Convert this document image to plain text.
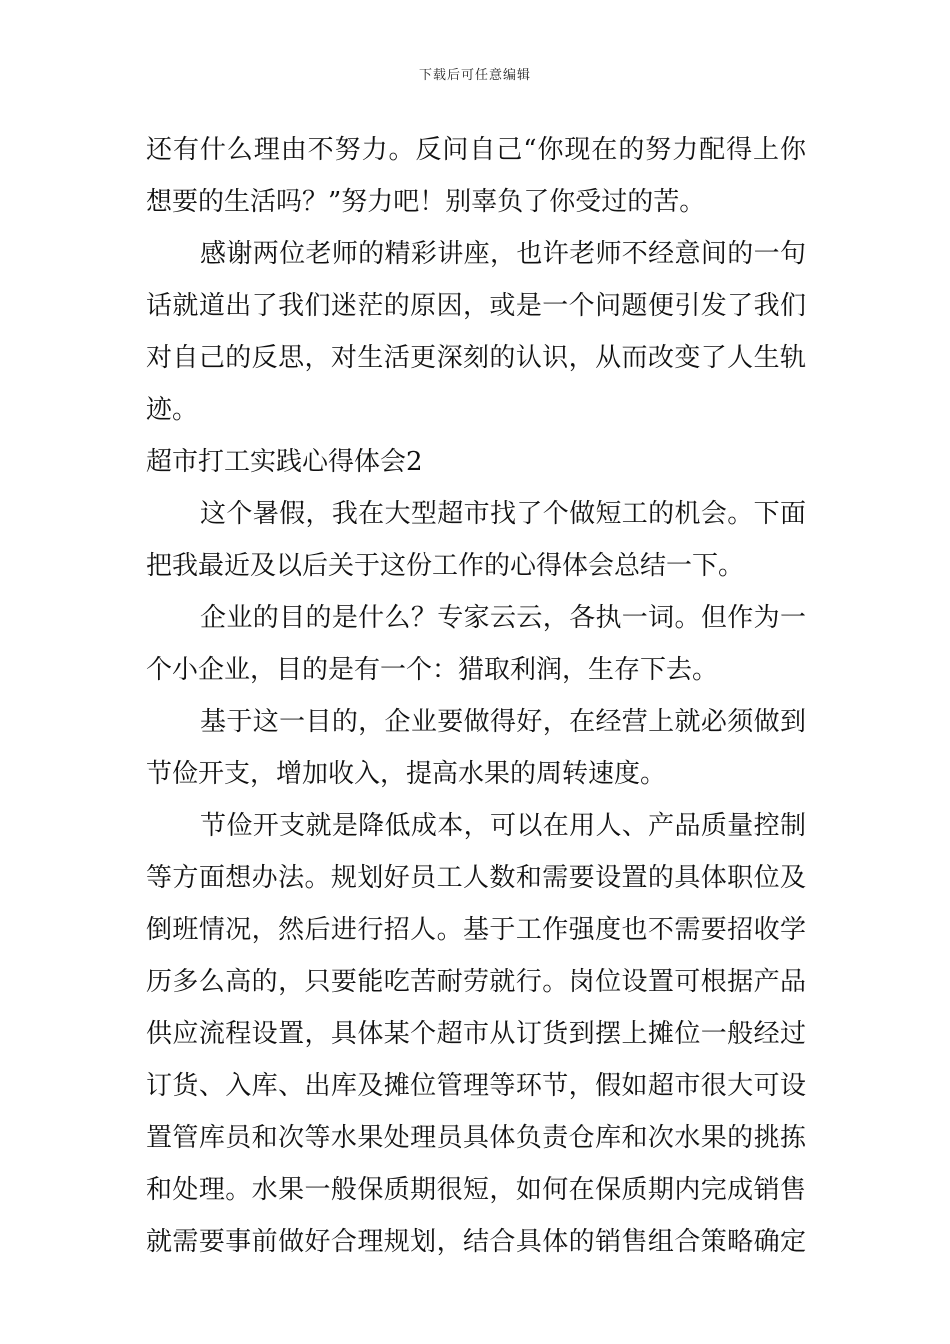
下载后可任意编辑
还有什么理由不努力。反问自己“你现在的努力配得上你
想要的生活吗？”努力吧！别辜负了你受过的苦。
感谢两位老师的精彩讲座，也许老师不经意间的一句
话就道出了我们迷茫的原因，或是一个问题便引发了我们
对自己的反思，对生活更深刻的认识，从而改变了人生轨
迹。
超市打工实践心得体会2
这个暑假，我在大型超市找了个做短工的机会。下面
把我最近及以后关于这份工作的心得体会总结一下。
企业的目的是什么？专家云云，各执一词。但作为一
个小企业，目的是有一个：猎取利润，生存下去。
基于这一目的，企业要做得好，在经营上就必须做到
节俭开支，增加收入，提高水果的周转速度。
节俭开支就是降低成本，可以在用人、产品质量控制
等方面想办法。规划好员工人数和需要设置的具体职位及
倒班情况，然后进行招人。基于工作强度也不需要招收学
历多么高的，只要能吃苦耐劳就行。岗位设置可根据产品
供应流程设置，具体某个超市从订货到摆上摊位一般经过
订货、入库、出库及摊位管理等环节，假如超市很大可设
置管库员和次等水果处理员具体负责仓库和次水果的挑拣
和处理。水果一般保质期很短，如何在保质期内完成销售
就需要事前做好合理规划，结合具体的销售组合策略确定
